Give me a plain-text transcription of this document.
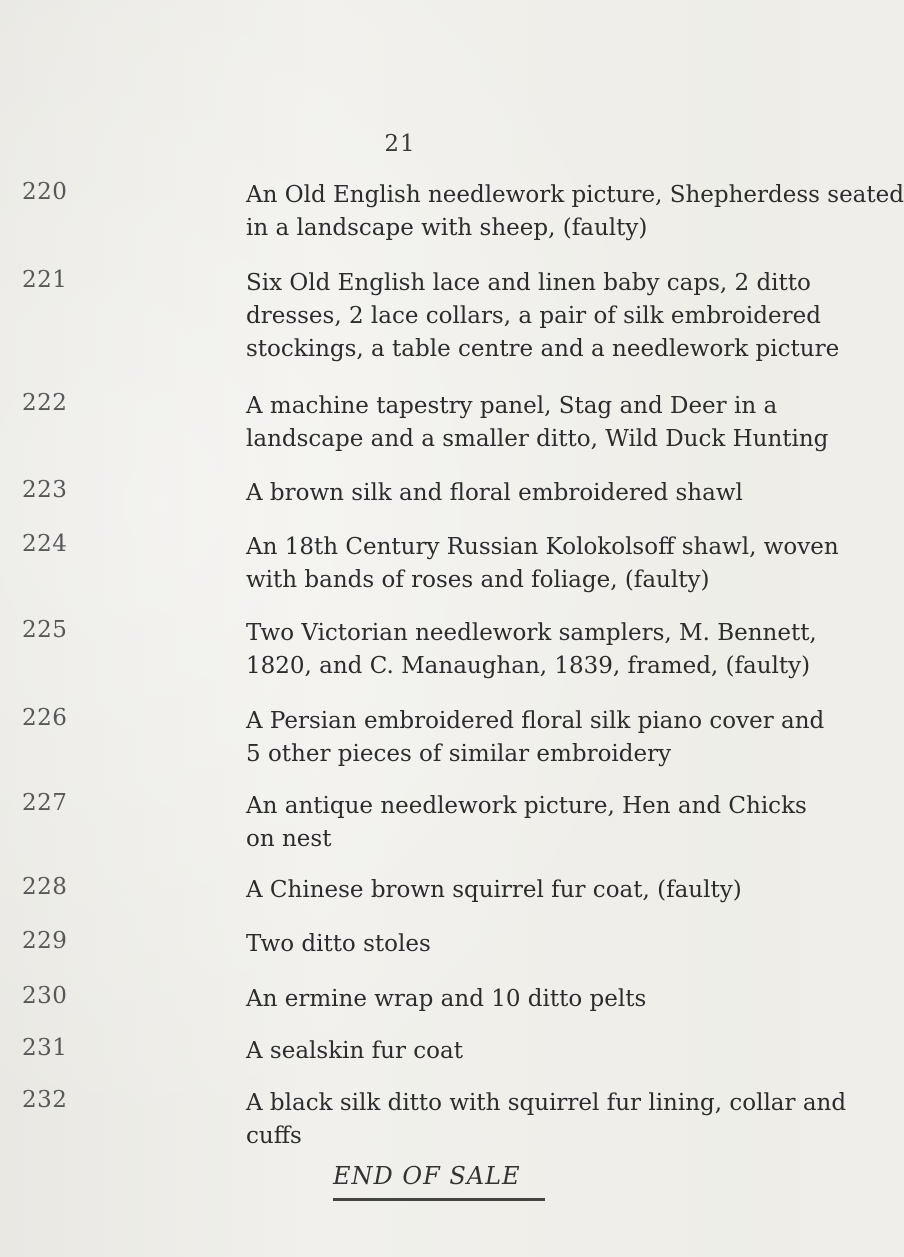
21
220	An Old English needlework picture, Shepherdess seated
in a landscape with sheep, (faulty)
221	Six Old English lace and linen baby caps, 2 ditto
dresses, 2 lace collars, a pair of silk embroidered
stockings, a table centre and a needlework picture
222	A machine tapestry panel, Stag and Deer in a
landscape and a smaller ditto, Wild Duck Hunting
223	A brown silk and floral embroidered shawl
224	An 18th Century Russian Kolokolsoff shawl, woven
with bands of roses and foliage, (faulty)
225	Two Victorian needlework samplers, M. Bennett,
1820, and C. Manaughan, 1839, framed, (faulty)
226	A Persian embroidered floral silk piano cover and
5 other pieces of similar embroidery
227	An antique needlework picture, Hen and Chicks
on nest
228	A Chinese brown squirrel fur coat, (faulty)
229	Two ditto stoles
230	An ermine wrap and 10 ditto pelts
231	A sealskin fur coat
232	A black silk ditto with squirrel fur lining, collar and
cuffs
END OF SALE
